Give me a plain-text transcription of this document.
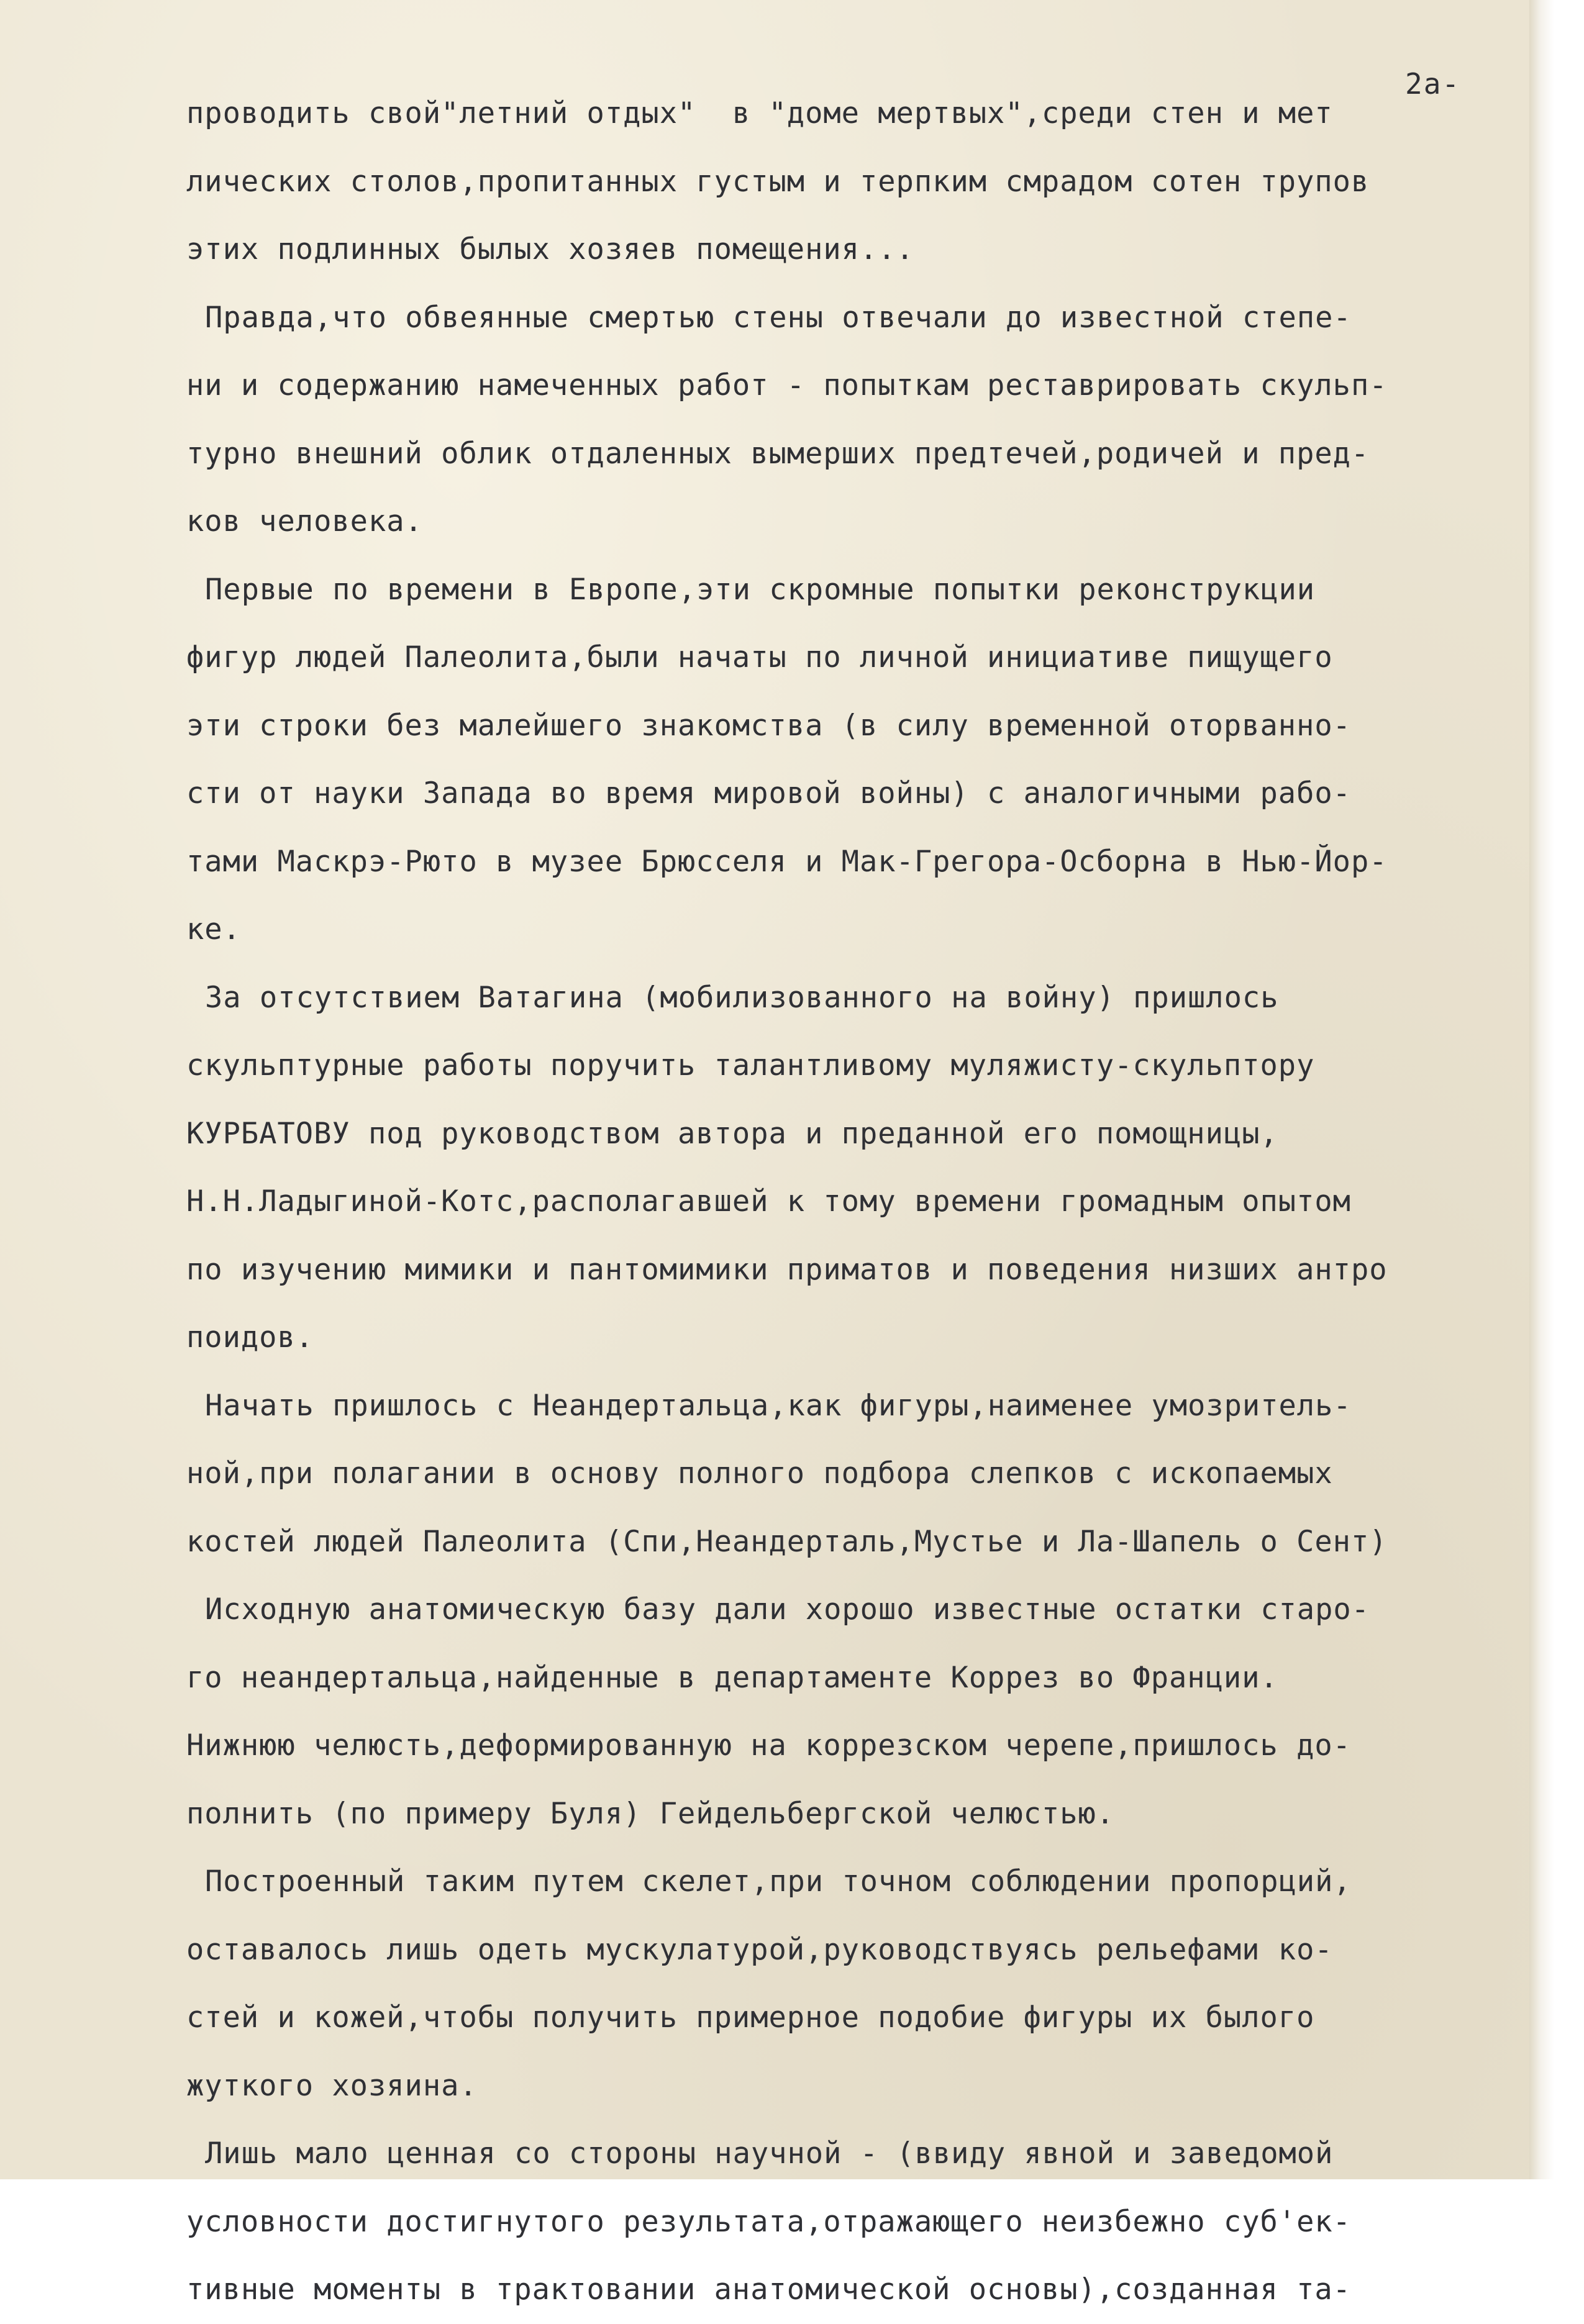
2а-
проводить свой"летний отдых"  в "доме мертвых",среди стен и мет
лических столов,пропитанных густым и терпким смрадом сотен трупов
этих подлинных былых хозяев помещения...
Правда,что обвеянные смертью стены отвечали до известной степе-
ни и содержанию намеченных работ - попыткам реставрировать скульп-
турно внешний облик отдаленных вымерших предтечей,родичей и пред-
ков человека.
Первые по времени в Европе,эти скромные попытки реконструкции
фигур людей Палеолита,были начаты по личной инициативе пищущего
эти строки без малейшего знакомства (в силу временной оторванно-
сти от науки Запада во время мировой войны) с аналогичными рабо-
тами Маскрэ-Рюто в музее Брюсселя и Мак-Грегора-Осборна в Нью-Йор-
ке.
За отсутствием Ватагина (мобилизованного на войну) пришлось
скульптурные работы поручить талантливому муляжисту-скульптору
КУРБАТОВУ под руководством автора и преданной его помощницы,
Н.Н.Ладыгиной-Котс,располагавшей к тому времени громадным опытом
по изучению мимики и пантомимики приматов и поведения низших антро
поидов.
Начать пришлось с Неандертальца,как фигуры,наименее умозритель-
ной,при полагании в основу полного подбора слепков с ископаемых
костей людей Палеолита (Спи,Неандерталь,Мустье и Ла-Шапель о Сент)
Исходную анатомическую базу дали хорошо известные остатки старо-
го неандертальца,найденные в департаменте Коррез во Франции.
Нижнюю челюсть,деформированную на коррезском черепе,пришлось до-
полнить (по примеру Буля) Гейдельбергской челюстью.
Построенный таким путем скелет,при точном соблюдении пропорций,
оставалось лишь одеть мускулатурой,руководствуясь рельефами ко-
стей и кожей,чтобы получить примерное подобие фигуры их былого
жуткого хозяина.
Лишь мало ценная со стороны научной - (ввиду явной и заведомой
условности достигнутого результата,отражающего неизбежно суб'ек-
тивные моменты в трактовании анатомической основы),созданная та-
